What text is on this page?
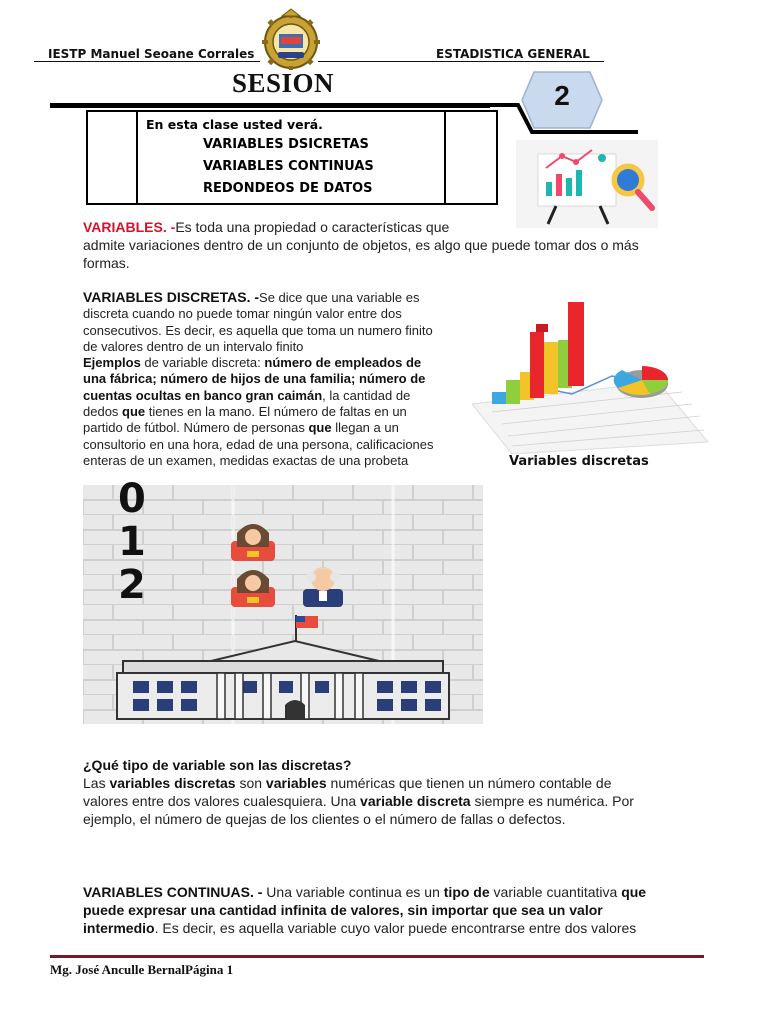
IESTP Manuel Seoane Corrales	ESTADISTICA GENERAL
SESION
En esta clase usted verá.
VARIABLES DSICRETAS
VARIABLES CONTINUAS
REDONDEOS DE DATOS
2
VARIABLES. -Es toda una propiedad o características que
admite variaciones dentro de un conjunto de objetos, es algo que puede tomar dos o más
formas.
VARIABLES DISCRETAS. -Se dice que una variable es
discreta cuando no puede tomar ningún valor entre dos
consecutivos. Es decir, es aquella que toma un numero finito
de valores dentro de un intervalo finito
Ejemplos de variable discreta: número de empleados de
una fábrica; número de hijos de una familia; número de
cuentas ocultas en banco gran caimán, la cantidad de
dedos que tienes en la mano. El número de faltas en un
partido de fútbol. Número de personas que llegan a un
consultorio en una hora, edad de una persona, calificaciones
enteras de un examen, medidas exactas de una probeta	Variables discretas
0
1
2
¿Qué tipo de variable son las discretas?
Las variables discretas son variables numéricas que tienen un número contable de
valores entre dos valores cualesquiera. Una variable discreta siempre es numérica. Por
ejemplo, el número de quejas de los clientes o el número de fallas o defectos.
VARIABLES CONTINUAS. - Una variable continua es un tipo de variable cuantitativa que
puede expresar una cantidad infinita de valores, sin importar que sea un valor
intermedio. Es decir, es aquella variable cuyo valor puede encontrarse entre dos valores
Mg. José Anculle BernalPágina 1
